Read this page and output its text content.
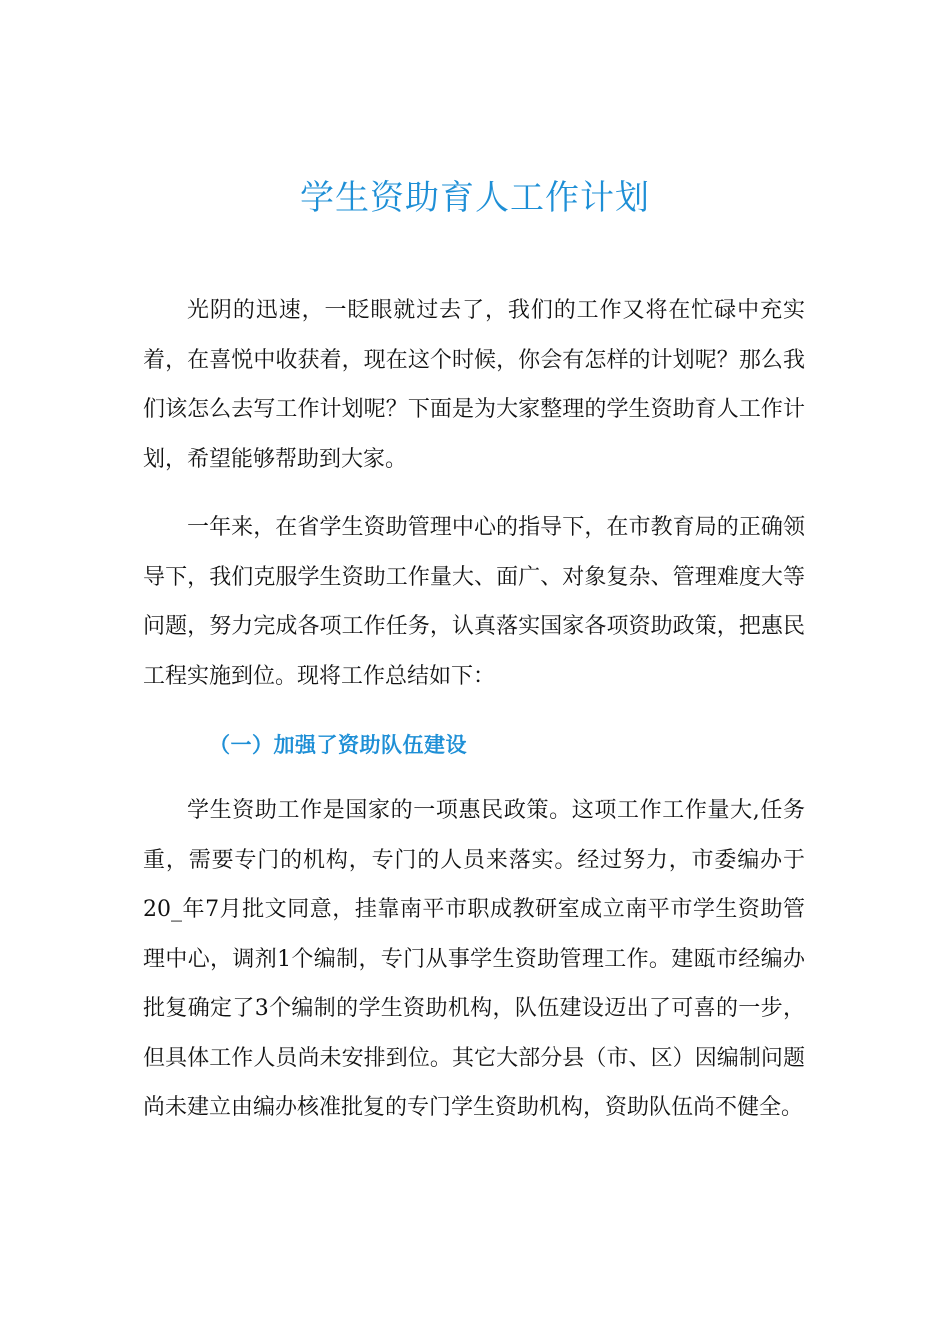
学生资助育人工作计划

光阴的迅速，一眨眼就过去了，我们的工作又将在忙碌中充实着，在喜悦中收获着，现在这个时候，你会有怎样的计划呢？那么我们该怎么去写工作计划呢？下面是为大家整理的学生资助育人工作计划，希望能够帮助到大家。

一年来，在省学生资助管理中心的指导下，在市教育局的正确领导下，我们克服学生资助工作量大、面广、对象复杂、管理难度大等问题，努力完成各项工作任务，认真落实国家各项资助政策，把惠民工程实施到位。现将工作总结如下：

（一）加强了资助队伍建设

学生资助工作是国家的一项惠民政策。这项工作工作量大,任务重，需要专门的机构，专门的人员来落实。经过努力，市委编办于20_年7月批文同意，挂靠南平市职成教研室成立南平市学生资助管理中心，调剂1个编制，专门从事学生资助管理工作。建瓯市经编办批复确定了3个编制的学生资助机构，队伍建设迈出了可喜的一步，但具体工作人员尚未安排到位。其它大部分县（市、区）因编制问题尚未建立由编办核准批复的专门学生资助机构，资助队伍尚不健全。
